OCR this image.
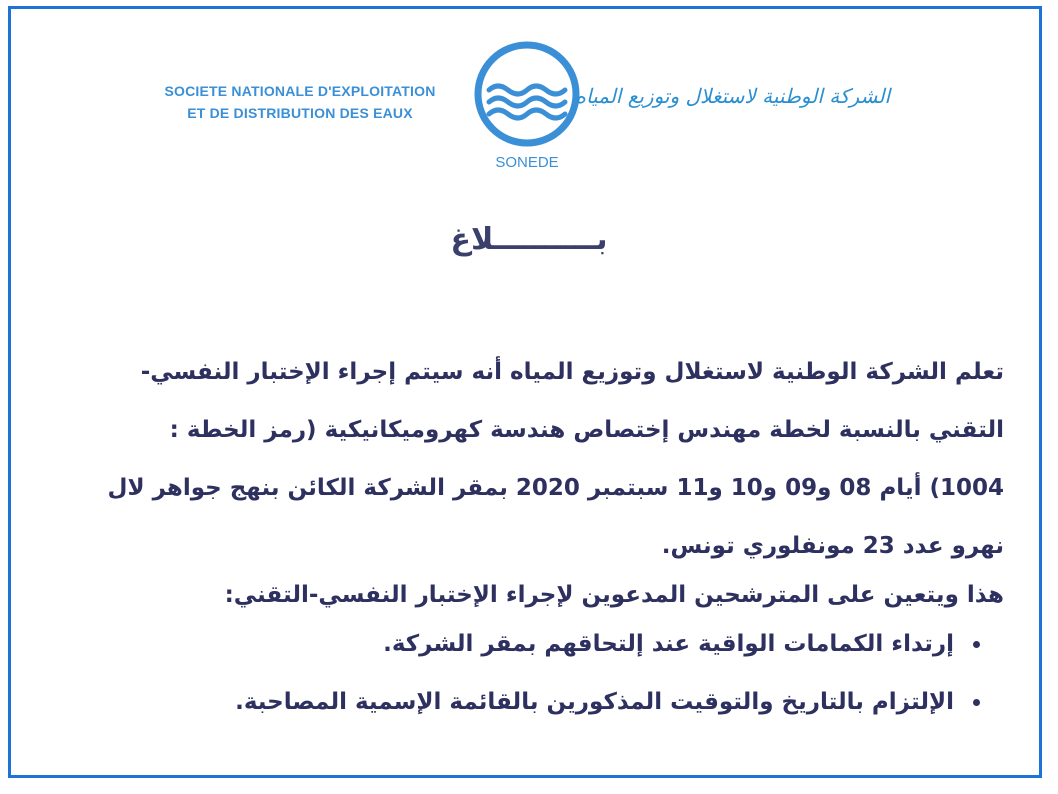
SOCIETE NATIONALE D'EXPLOITATION
ET DE DISTRIBUTION DES EAUX
SONEDE
الشركة الوطنية لاستغلال وتوزيع المياه
بــــــــــلاغ
تعلم الشركة الوطنية لاستغلال وتوزيع المياه أنه سيتم إجراء الإختبار النفسي-
التقني بالنسبة لخطة مهندس إختصاص هندسة كهروميكانيكية (رمز الخطة :
1004) أيام 08 و09 و10 و11 سبتمبر 2020 بمقر الشركة الكائن بنهج جواهر لال
نهرو عدد 23 مونفلوري تونس.
هذا ويتعين على المترشحين المدعوين لإجراء الإختبار النفسي-التقني:
إرتداء الكمامات الواقية عند إلتحاقهم بمقر الشركة.
الإلتزام بالتاريخ والتوقيت المذكورين بالقائمة الإسمية المصاحبة.
